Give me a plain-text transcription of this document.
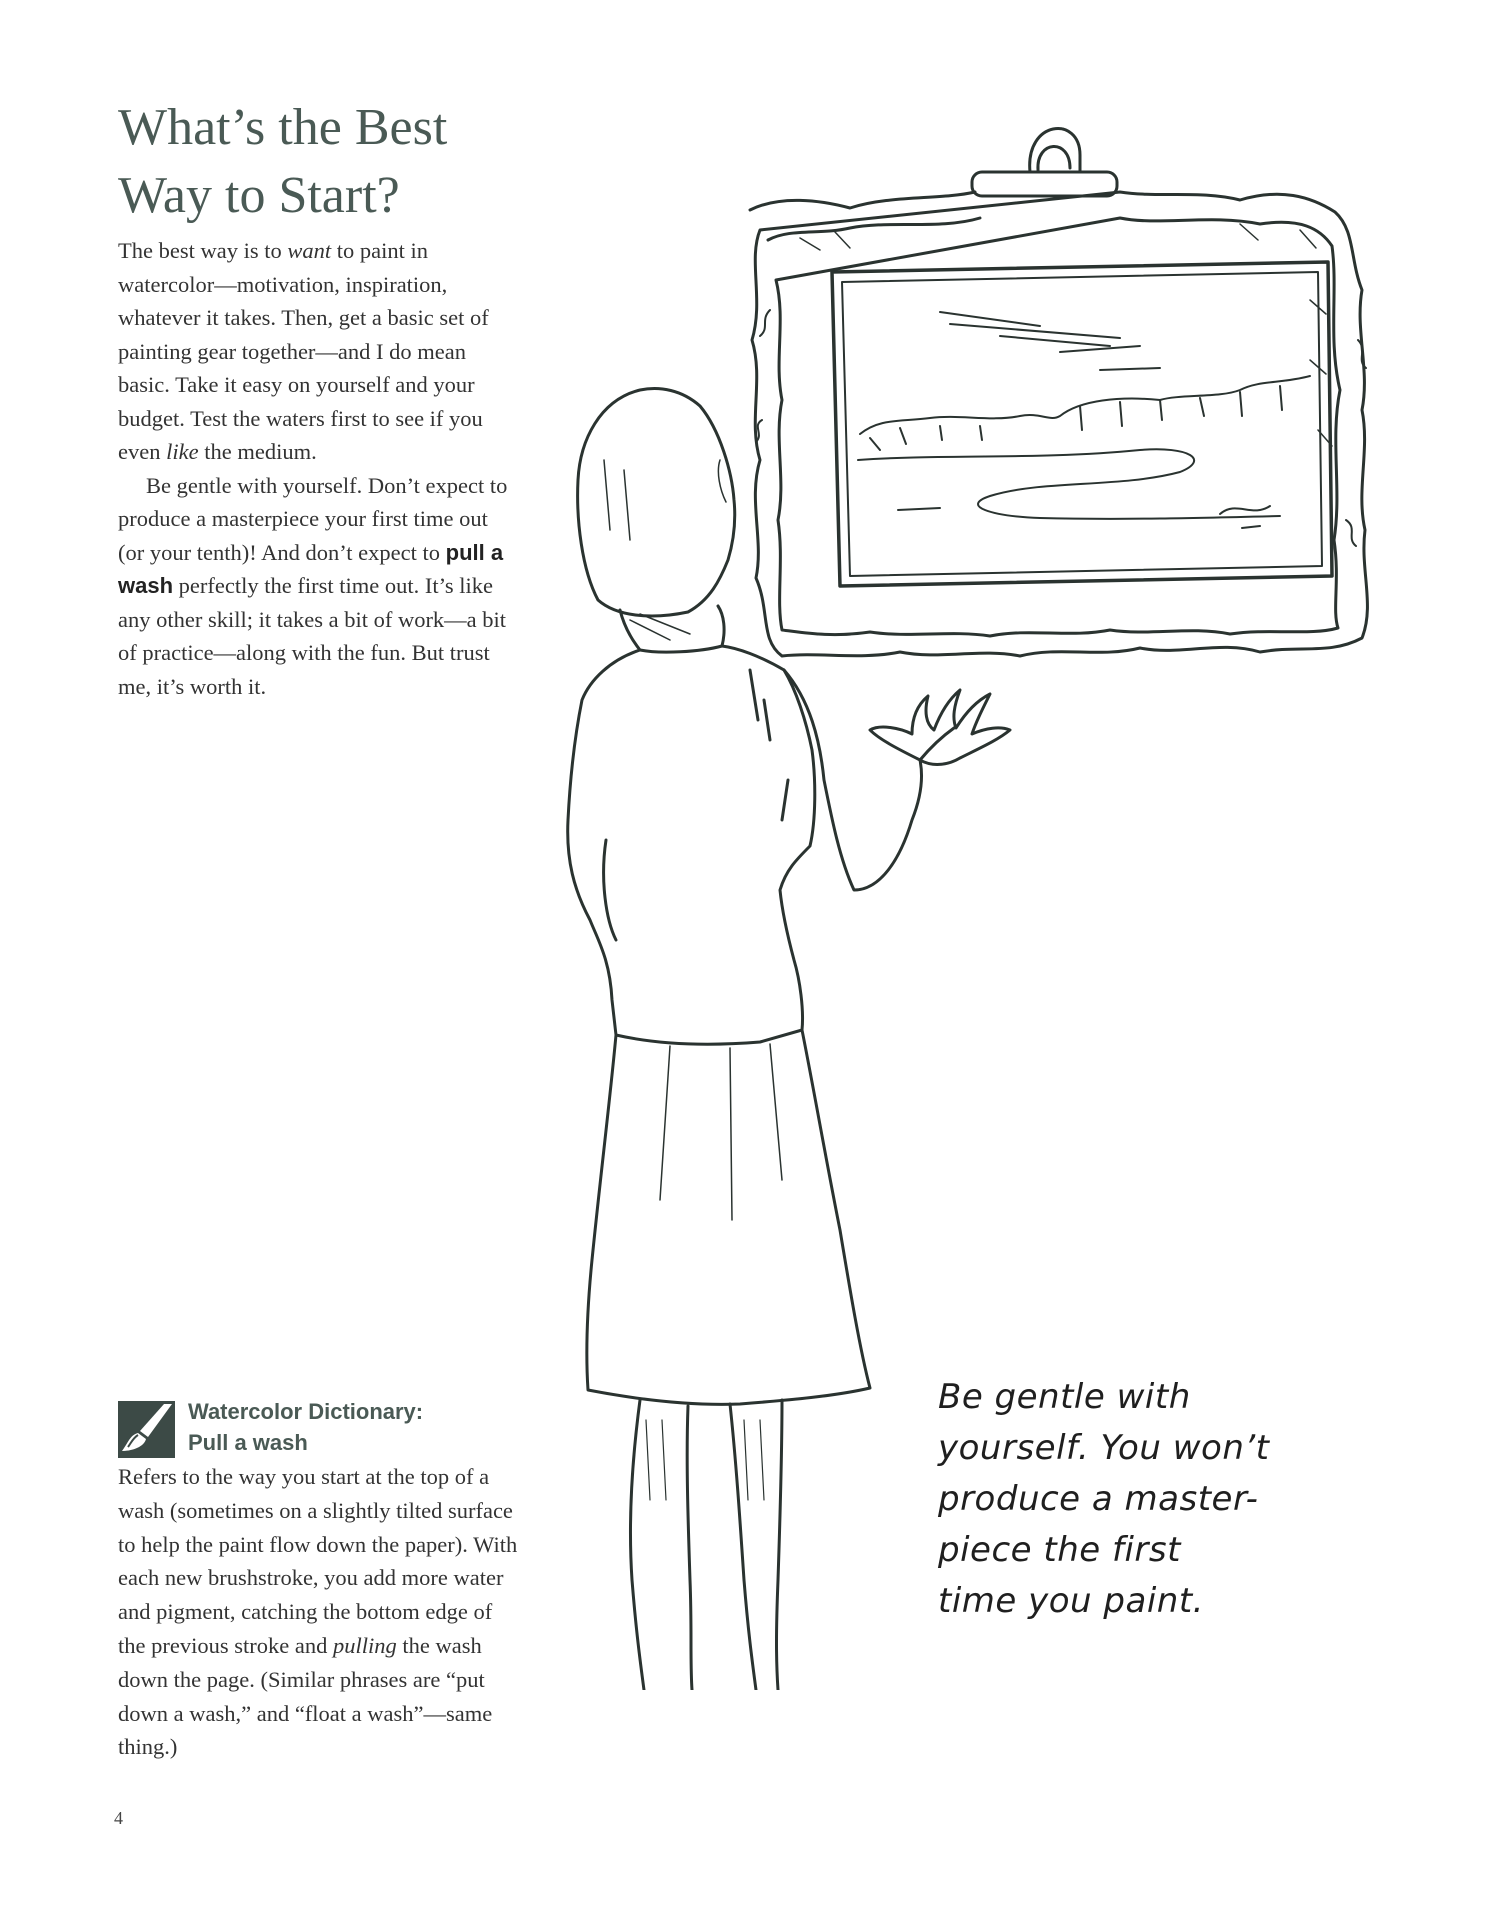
What’s the Best
Way to Start?

The best way is to want to paint in watercolor—motivation, inspiration, whatever it takes. Then, get a basic set of painting gear together—and I do mean basic. Take it easy on yourself and your budget. Test the waters first to see if you even like the medium.

Be gentle with yourself. Don’t expect to produce a masterpiece your first time out (or your tenth)! And don’t expect to pull a wash perfectly the first time out. It’s like any other skill; it takes a bit of work—a bit of practice—along with the fun. But trust me, it’s worth it.

Watercolor Dictionary:
Pull a wash
Refers to the way you start at the top of a wash (sometimes on a slightly tilted surface to help the paint flow down the paper). With each new brushstroke, you add more water and pigment, catching the bottom edge of the previous stroke and pulling the wash down the page. (Similar phrases are “put down a wash,” and “float a wash”—same thing.)
4
Be gentle with
yourself. You won’t
produce a master-
piece the first
time you paint.
